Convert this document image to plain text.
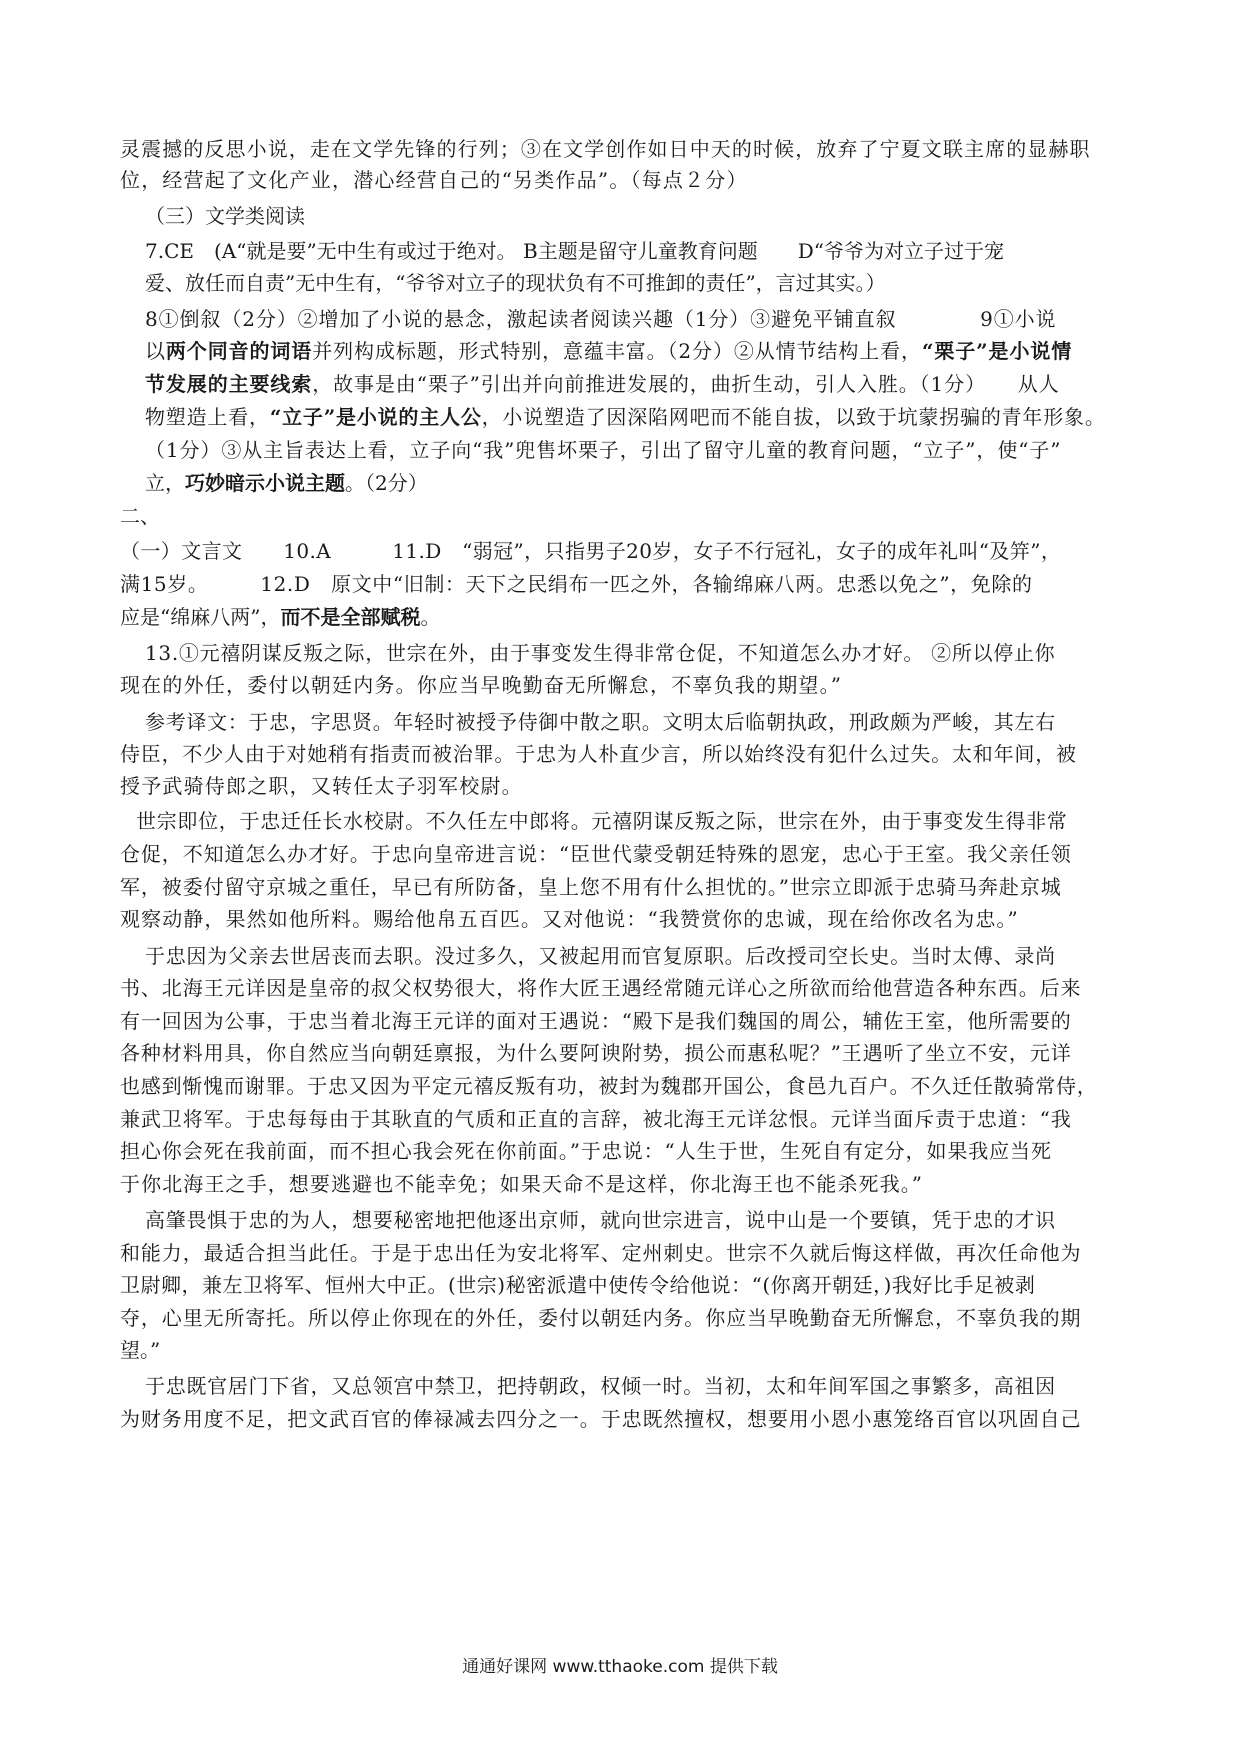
灵震撼的反思小说，走在文学先锋的行列；③在文学创作如日中天的时候，放弃了宁夏文联主席的显赫职
位，经营起了文化产业，潜心经营自己的“另类作品”。（每点２分）
（三）文学类阅读
7.CE　(A“就是要”无中生有或过于绝对。 B主题是留守儿童教育问题　　D“爷爷为对立子过于宠
爱、放任而自责”无中生有，“爷爷对立子的现状负有不可推卸的责任”，言过其实。）
8①倒叙（2分）②增加了小说的悬念，激起读者阅读兴趣（1分）③避免平铺直叙　　　　9①小说
以两个同音的词语并列构成标题，形式特别，意蕴丰富。（2分）②从情节结构上看，“栗子”是小说情
节发展的主要线索，故事是由“栗子”引出并向前推进发展的，曲折生动，引人入胜。（1分）　　从人
物塑造上看，“立子”是小说的主人公，小说塑造了因深陷网吧而不能自拔，以致于坑蒙拐骗的青年形象。
（1分）③从主旨表达上看，立子向“我”兜售坏栗子，引出了留守儿童的教育问题，“立子”，使“子”
立，巧妙暗示小说主题。（2分）
二、
（一）文言文　　10.A　　　11.D　“弱冠”，只指男子20岁，女子不行冠礼，女子的成年礼叫“及笄”，
满15岁。　　　12.D　原文中“旧制：天下之民绢布一匹之外，各输绵麻八两。忠悉以免之”，免除的
应是“绵麻八两”，而不是全部赋税。
13.①元禧阴谋反叛之际，世宗在外，由于事变发生得非常仓促，不知道怎么办才好。 ②所以停止你
现在的外任，委付以朝廷内务。你应当早晚勤奋无所懈怠，不辜负我的期望。”
参考译文：于忠，字思贤。年轻时被授予侍御中散之职。文明太后临朝执政，刑政颇为严峻，其左右
侍臣，不少人由于对她稍有指责而被治罪。于忠为人朴直少言，所以始终没有犯什么过失。太和年间，被
授予武骑侍郎之职，又转任太子羽军校尉。
世宗即位，于忠迁任长水校尉。不久任左中郎将。元禧阴谋反叛之际，世宗在外，由于事变发生得非常
仓促，不知道怎么办才好。于忠向皇帝进言说：“臣世代蒙受朝廷特殊的恩宠，忠心于王室。我父亲任领
军，被委付留守京城之重任，早已有所防备，皇上您不用有什么担忧的。”世宗立即派于忠骑马奔赴京城
观察动静，果然如他所料。赐给他帛五百匹。又对他说：“我赞赏你的忠诚，现在给你改名为忠。”
于忠因为父亲去世居丧而去职。没过多久，又被起用而官复原职。后改授司空长史。当时太傅、录尚
书、北海王元详因是皇帝的叔父权势很大，将作大匠王遇经常随元详心之所欲而给他营造各种东西。后来
有一回因为公事，于忠当着北海王元详的面对王遇说：“殿下是我们魏国的周公，辅佐王室，他所需要的
各种材料用具，你自然应当向朝廷禀报，为什么要阿谀附势，损公而惠私呢？”王遇听了坐立不安，元详
也感到惭愧而谢罪。于忠又因为平定元禧反叛有功，被封为魏郡开国公，食邑九百户。不久迁任散骑常侍，
兼武卫将军。于忠每每由于其耿直的气质和正直的言辞，被北海王元详忿恨。元详当面斥责于忠道：“我
担心你会死在我前面，而不担心我会死在你前面。”于忠说：“人生于世，生死自有定分，如果我应当死
于你北海王之手，想要逃避也不能幸免；如果天命不是这样，你北海王也不能杀死我。”
高肇畏惧于忠的为人，想要秘密地把他逐出京师，就向世宗进言，说中山是一个要镇，凭于忠的才识
和能力，最适合担当此任。于是于忠出任为安北将军、定州刺史。世宗不久就后悔这样做，再次任命他为
卫尉卿，兼左卫将军、恒州大中正。(世宗)秘密派遣中使传令给他说：“(你离开朝廷，)我好比手足被剥
夺，心里无所寄托。所以停止你现在的外任，委付以朝廷内务。你应当早晚勤奋无所懈怠，不辜负我的期
望。”
于忠既官居门下省，又总领宫中禁卫，把持朝政，权倾一时。当初，太和年间军国之事繁多，高祖因
为财务用度不足，把文武百官的俸禄减去四分之一。于忠既然擅权，想要用小恩小惠笼络百官以巩固自己
通通好课网 www.tthaoke.com 提供下载
